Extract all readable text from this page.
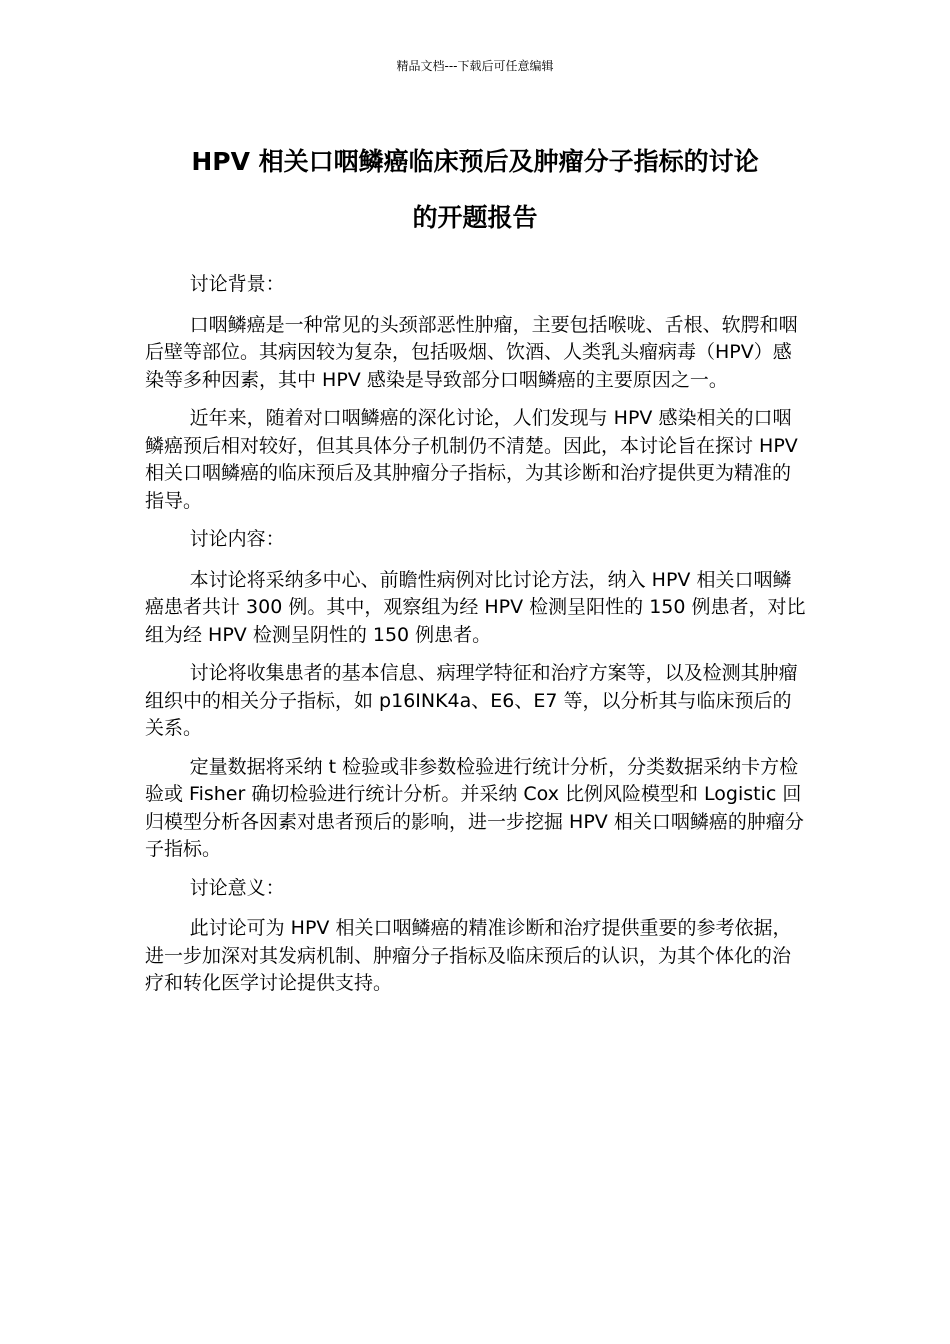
精品文档---下载后可任意编辑
HPV 相关口咽鳞癌临床预后及肿瘤分子指标的讨论
的开题报告

讨论背景：

口咽鳞癌是一种常见的头颈部恶性肿瘤，主要包括喉咙、舌根、软腭和咽后壁等部位。其病因较为复杂，包括吸烟、饮酒、人类乳头瘤病毒（HPV）感染等多种因素，其中 HPV 感染是导致部分口咽鳞癌的主要原因之一。

近年来，随着对口咽鳞癌的深化讨论，人们发现与 HPV 感染相关的口咽鳞癌预后相对较好，但其具体分子机制仍不清楚。因此，本讨论旨在探讨 HPV 相关口咽鳞癌的临床预后及其肿瘤分子指标，为其诊断和治疗提供更为精准的指导。

讨论内容：

本讨论将采纳多中心、前瞻性病例对比讨论方法，纳入 HPV 相关口咽鳞癌患者共计 300 例。其中，观察组为经 HPV 检测呈阳性的 150 例患者，对比组为经 HPV 检测呈阴性的 150 例患者。

讨论将收集患者的基本信息、病理学特征和治疗方案等，以及检测其肿瘤组织中的相关分子指标，如 p16INK4a、E6、E7 等，以分析其与临床预后的关系。

定量数据将采纳 t 检验或非参数检验进行统计分析，分类数据采纳卡方检验或 Fisher 确切检验进行统计分析。并采纳 Cox 比例风险模型和 Logistic 回归模型分析各因素对患者预后的影响，进一步挖掘 HPV 相关口咽鳞癌的肿瘤分子指标。

讨论意义：

此讨论可为 HPV 相关口咽鳞癌的精准诊断和治疗提供重要的参考依据，进一步加深对其发病机制、肿瘤分子指标及临床预后的认识，为其个体化的治疗和转化医学讨论提供支持。
